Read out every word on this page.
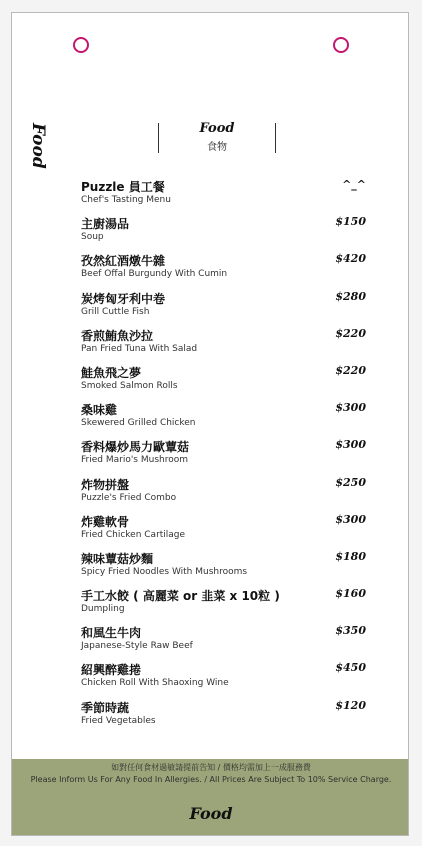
Food	Food
食物
Puzzle 員工餐
Chef's Tasting Menu
^_^
主廚湯品
Soup
$150
孜然紅酒燉牛雜
Beef Offal Burgundy With Cumin
$420
炭烤匈牙利中卷
Grill Cuttle Fish
$280
香煎鮪魚沙拉
Pan Fried Tuna With Salad
$220
鮭魚飛之夢
Smoked Salmon Rolls
$220
桑味雞
Skewered Grilled Chicken
$300
香料爆炒馬力歐蕈菇
Fried Mario's Mushroom
$300
炸物拼盤
Puzzle's Fried Combo
$250
炸雞軟骨
Fried Chicken Cartilage
$300
辣味蕈菇炒麵
Spicy Fried Noodles With Mushrooms
$180
手工水餃 ( 高麗菜 or 韭菜 x 10粒 )
Dumpling
$160
和風生牛肉
Japanese-Style Raw Beef
$350
紹興醉雞捲
Chicken Roll With Shaoxing Wine
$450
季節時蔬
Fried Vegetables
$120
如對任何食材過敏請提前告知 / 價格均需加上一成服務費
Please Inform Us For Any Food In Allergies. / All Prices Are Subject To 10% Service Charge.
Food
